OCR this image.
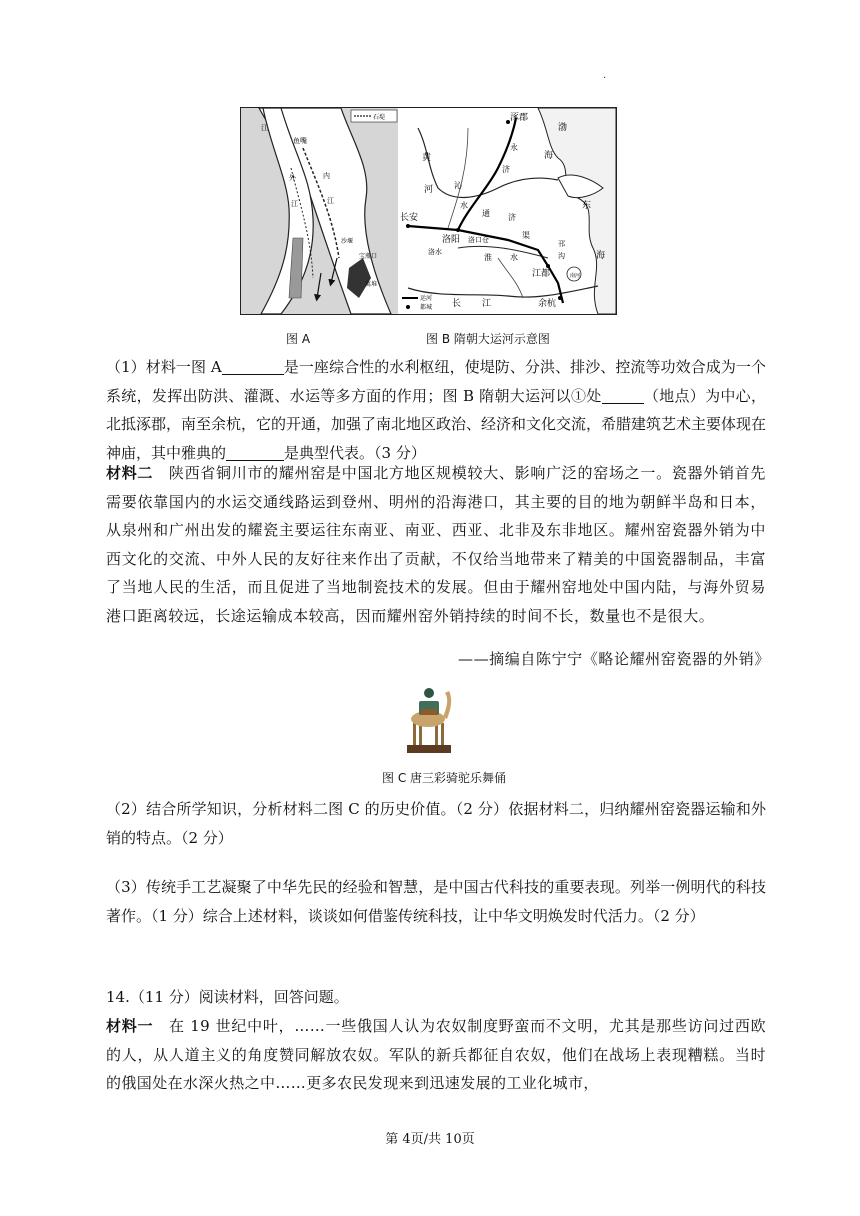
.
石堤
江
鱼嘴
外
江
内
江
沙堰
宝瓶口
离堆
运河
都城
涿郡
渤
海
东
海
黄
河
永
济
沁
水
通 济
渠
长安
洛阳 洛口仓
洛水
淮 水
邗
沟
江都
余杭
长 江
南河
图 A	图 B 隋朝大运河示意图

（1）材料一图 A	是一座综合性的水利枢纽，使堤防、分洪、排沙、控流等功效合成为一个系统，发挥出防洪、灌溉、水运等多方面的作用；图 B 隋朝大运河以①处	（地点）为中心，北抵涿郡，南至余杭，它的开通，加强了南北地区政治、经济和文化交流，希腊建筑艺术主要体现在神庙，其中雅典的	是典型代表。（3 分）

材料二　陕西省铜川市的耀州窑是中国北方地区规模较大、影响广泛的窑场之一。瓷器外销首先需要依靠国内的水运交通线路运到登州、明州的沿海港口，其主要的目的地为朝鲜半岛和日本，从泉州和广州出发的耀瓷主要运往东南亚、南亚、西亚、北非及东非地区。耀州窑瓷器外销为中西文化的交流、中外人民的友好往来作出了贡献，不仅给当地带来了精美的中国瓷器制品，丰富了当地人民的生活，而且促进了当地制瓷技术的发展。但由于耀州窑地处中国内陆，与海外贸易港口距离较远，长途运输成本较高，因而耀州窑外销持续的时间不长，数量也不是很大。

——摘编自陈宁宁《略论耀州窑瓷器的外销》
图 C 唐三彩骑驼乐舞俑

（2）结合所学知识，分析材料二图 C 的历史价值。（2 分）依据材料二，归纳耀州窑瓷器运输和外销的特点。（2 分）

（3）传统手工艺凝聚了中华先民的经验和智慧，是中国古代科技的重要表现。列举一例明代的科技著作。（1 分）综合上述材料，谈谈如何借鉴传统科技，让中华文明焕发时代活力。（2 分）

14.（11 分）阅读材料，回答问题。

材料一　在 19 世纪中叶，……一些俄国人认为农奴制度野蛮而不文明，尤其是那些访问过西欧的人，从人道主义的角度赞同解放农奴。军队的新兵都征自农奴，他们在战场上表现糟糕。当时的俄国处在水深火热之中……更多农民发现来到迅速发展的工业化城市，

第 4页/共 10页
